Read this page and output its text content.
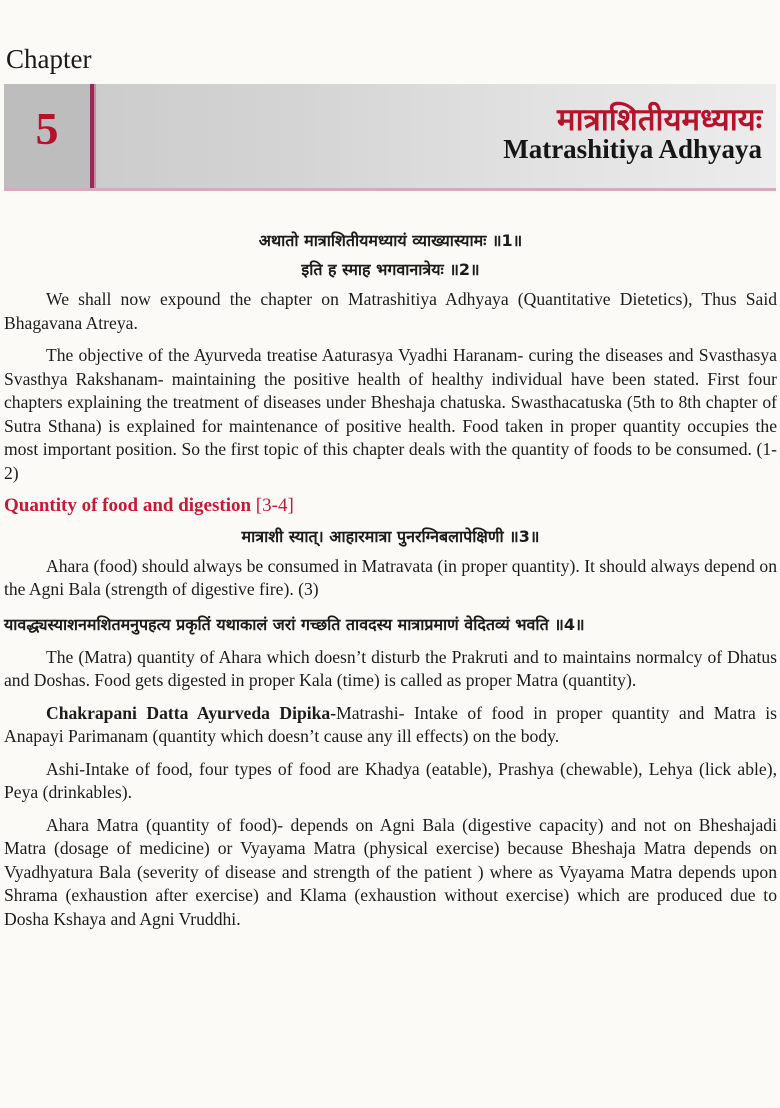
Chapter
5	मात्राशितीयमध्यायः
Matrashitiya Adhyaya
अथातो मात्राशितीयमध्यायं व्याख्यास्यामः ॥1॥
इति ह स्माह भगवानात्रेयः ॥2॥

We shall now expound the chapter on Matrashitiya Adhyaya (Quantitative Dietetics), Thus Said Bhagavana Atreya.

The objective of the Ayurveda treatise Aaturasya Vyadhi Haranam- curing the diseases and Svasthasya Svasthya Rakshanam- maintaining the positive health of healthy individual have been stated. First four chapters explaining the treatment of diseases under Bheshaja chatuska. Swasthacatuska (5th to 8th chapter of Sutra Sthana) is explained for maintenance of positive health. Food taken in proper quantity occupies the most important position. So the first topic of this chapter deals with the quantity of foods to be consumed. (1-2)

Quantity of food and digestion [3-4]
मात्राशी स्यात्। आहारमात्रा पुनरग्निबलापेक्षिणी ॥3॥

Ahara (food) should always be consumed in Matravata (in proper quantity). It should always depend on the Agni Bala (strength of digestive fire). (3)

यावद्ध्यस्याशनमशितमनुपहत्य प्रकृतिं यथाकालं जरां गच्छति तावदस्य मात्राप्रमाणं वेदितव्यं भवति ॥4॥

The (Matra) quantity of Ahara which doesn’t disturb the Prakruti and to maintains normalcy of Dhatus and Doshas. Food gets digested in proper Kala (time) is called as proper Matra (quantity).

Chakrapani Datta Ayurveda Dipika-Matrashi- Intake of food in proper quantity and Matra is Anapayi Parimanam (quantity which doesn’t cause any ill effects) on the body.

Ashi-Intake of food, four types of food are Khadya (eatable), Prashya (chewable), Lehya (lick able), Peya (drinkables).

Ahara Matra (quantity of food)- depends on Agni Bala (digestive capacity) and not on Bheshajadi Matra (dosage of medicine) or Vyayama Matra (physical exercise) because Bheshaja Matra depends on Vyadhyatura Bala (severity of disease and strength of the patient ) where as Vyayama Matra depends upon Shrama (exhaustion after exercise) and Klama (exhaustion without exercise) which are produced due to Dosha Kshaya and Agni Vruddhi.
